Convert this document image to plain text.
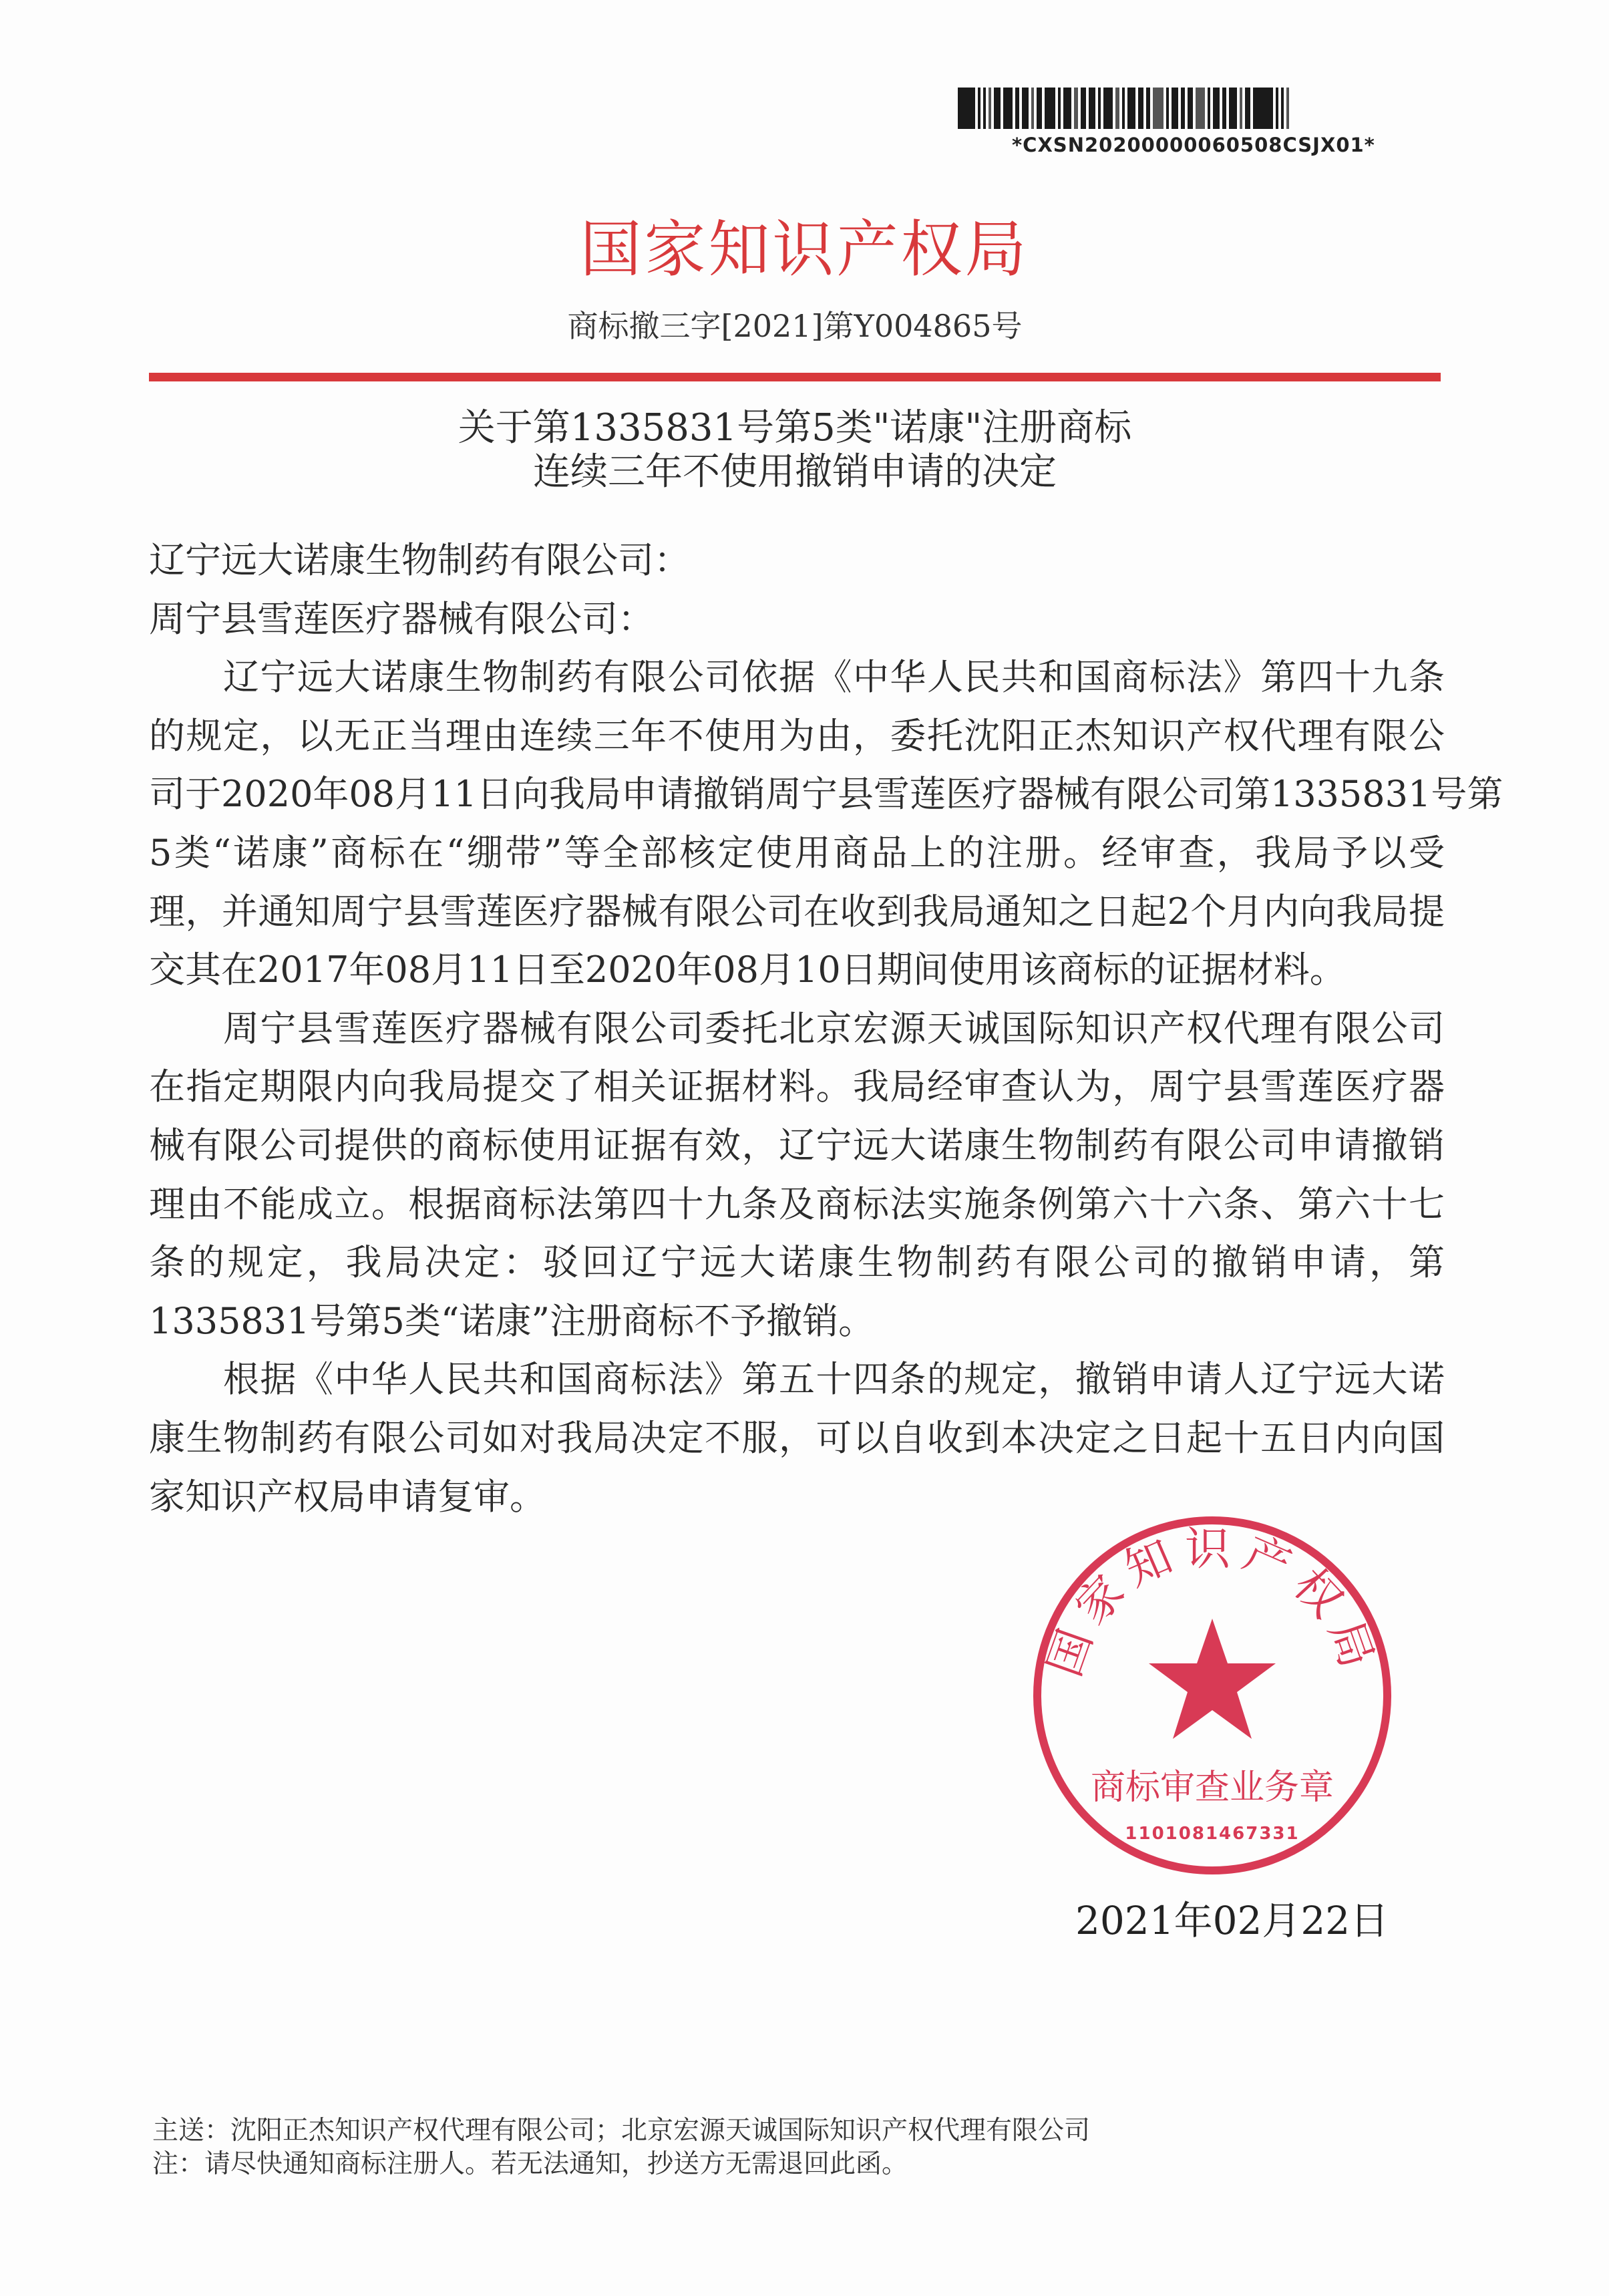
*CXSN20200000060508CSJX01*
国家知识产权局
商标撤三字[2021]第Y004865号
关于第1335831号第5类"诺康"注册商标
连续三年不使用撤销申请的决定
辽宁远大诺康生物制药有限公司：
周宁县雪莲医疗器械有限公司：
　　辽宁远大诺康生物制药有限公司依据《中华人民共和国商标法》第四十九条
的规定，以无正当理由连续三年不使用为由，委托沈阳正杰知识产权代理有限公
司于2020年08月11日向我局申请撤销周宁县雪莲医疗器械有限公司第1335831号第
5类“诺康”商标在“绷带”等全部核定使用商品上的注册。经审查，我局予以受
理，并通知周宁县雪莲医疗器械有限公司在收到我局通知之日起2个月内向我局提
交其在2017年08月11日至2020年08月10日期间使用该商标的证据材料。
　　周宁县雪莲医疗器械有限公司委托北京宏源天诚国际知识产权代理有限公司
在指定期限内向我局提交了相关证据材料。我局经审查认为，周宁县雪莲医疗器
械有限公司提供的商标使用证据有效，辽宁远大诺康生物制药有限公司申请撤销
理由不能成立。根据商标法第四十九条及商标法实施条例第六十六条、第六十七
条的规定，我局决定：驳回辽宁远大诺康生物制药有限公司的撤销申请，第
1335831号第5类“诺康”注册商标不予撤销。
　　根据《中华人民共和国商标法》第五十四条的规定，撤销申请人辽宁远大诺
康生物制药有限公司如对我局决定不服，可以自收到本决定之日起十五日内向国
家知识产权局申请复审。
国家知识产权局
商标审查业务章
1101081467331
2021年02月22日
主送：沈阳正杰知识产权代理有限公司；北京宏源天诚国际知识产权代理有限公司
注：请尽快通知商标注册人。若无法通知，抄送方无需退回此函。
